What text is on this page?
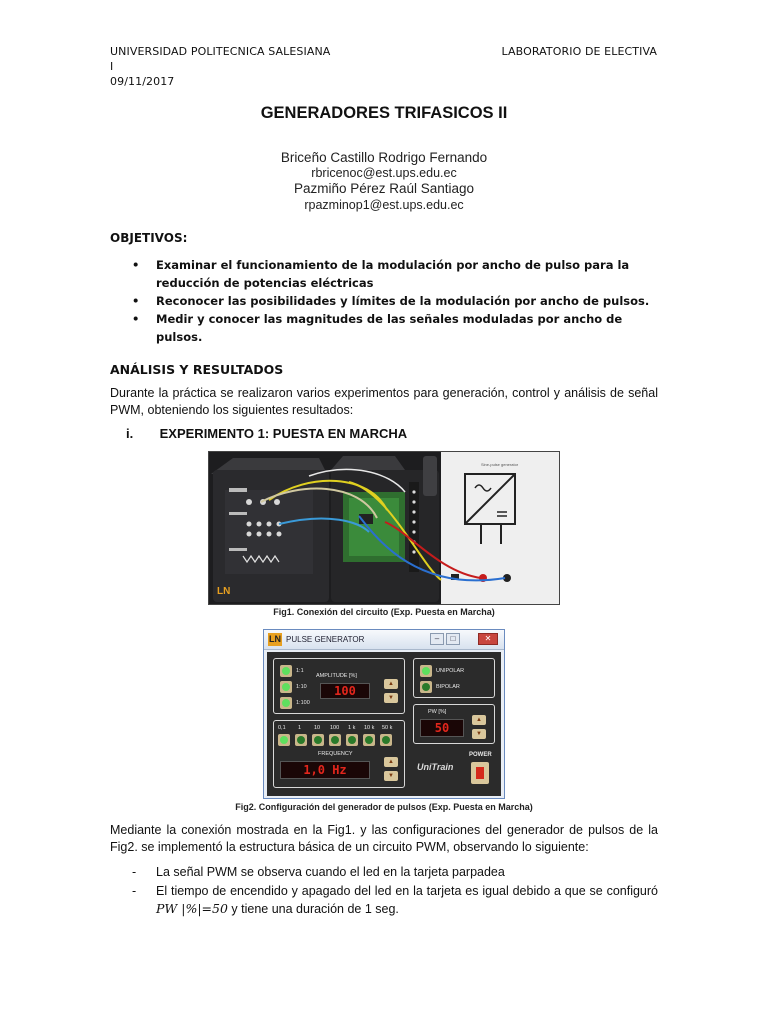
UNIVERSIDAD POLITECNICA SALESIANA
I
09/11/2017
LABORATORIO DE ELECTIVA
GENERADORES TRIFASICOS II
Briceño Castillo Rodrigo Fernando
rbricenoc@est.ups.edu.ec
Pazmiño Pérez Raúl Santiago
rpazminop1@est.ups.edu.ec
OBJETIVOS:
• Examinar el funcionamiento de la modulación por ancho de pulso para la reducción de potencias eléctricas
• Reconocer las posibilidades y límites de la modulación por ancho de pulsos.
• Medir y conocer las magnitudes de las señales moduladas por ancho de pulsos.
ANÁLISIS Y RESULTADOS
Durante la práctica se realizaron varios experimentos para generación, control y análisis de señal PWM, obteniendo los siguientes resultados:
i. EXPERIMENTO 1: PUESTA EN MARCHA
LN
Sine-pulse generator
Fig1. Conexión del circuito (Exp. Puesta en Marcha)
LN PULSE GENERATOR	–	□	✕
1:1
1:10
1:100
AMPLITUDE [%]
100	▲
▼
UNIPOLAR
BIPOLAR
PW [%]
50
▲
▼
0,1 1 10 100 1 k 10 k 50 k
FREQUENCY
1,0 Hz
▲
▼
UniTrain
POWER
Fig2. Configuración del generador de pulsos (Exp. Puesta en Marcha)
Mediante la conexión mostrada en la Fig1. y las configuraciones del generador de pulsos de la Fig2. se implementó la estructura básica de un circuito PWM, observando lo siguiente:
- La señal PWM se observa cuando el led en la tarjeta parpadea
- El tiempo de encendido y apagado del led en la tarjeta es igual debido a que se configuró PW |%|=50 y tiene una duración de 1 seg.
